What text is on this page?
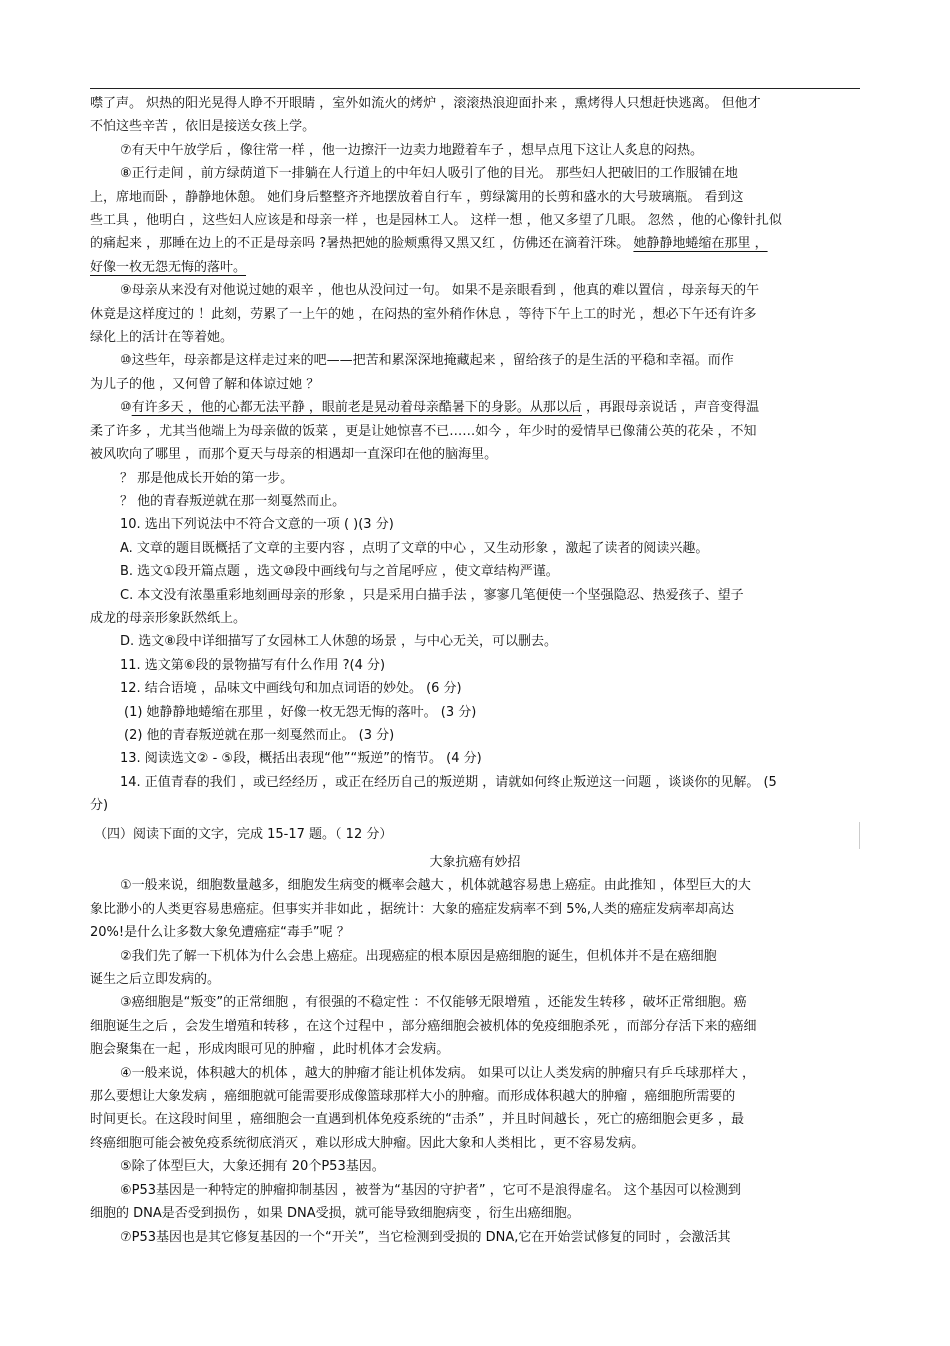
噤了声。 炽热的阳光晃得人睁不开眼睛 ，室外如流火的烤炉 ，滚滚热浪迎面扑来 ，熏烤得人只想赶快逃离。 但他才

不怕这些辛苦 ，依旧是接送女孩上学。

⑦有天中午放学后 ，像往常一样 ，他一边擦汗一边卖力地蹬着车子 ，想早点甩下这让人炙息的闷热。

⑧正行走间 ，前方绿荫道下一排躺在人行道上的中年妇人吸引了他的目光。 那些妇人把破旧的工作服铺在地

上，席地而卧 ，静静地休憩。 她们身后整整齐齐地摆放着自行车 ，剪绿篱用的长剪和盛水的大号玻璃瓶。 看到这

些工具 ，他明白 ，这些妇人应该是和母亲一样 ，也是园林工人。 这样一想 ，他又多望了几眼。 忽然 ，他的心像针扎似

的痛起来 ，那睡在边上的不正是母亲吗 ?暑热把她的脸颊熏得又黑又红 ，仿佛还在滴着汗珠。 她静静地蜷缩在那里 ，

好像一枚无怨无悔的落叶。

⑨母亲从来没有对他说过她的艰辛 ，他也从没问过一句。 如果不是亲眼看到 ，他真的难以置信 ，母亲每天的午

休竟是这样度过的 ！此刻，劳累了一上午的她 ，在闷热的室外稍作休息 ，等待下午上工的时光 ，想必下午还有许多

绿化上的活计在等着她。

⑩这些年，母亲都是这样走过来的吧——把苦和累深深地掩藏起来 ，留给孩子的是生活的平稳和幸福。而作

为儿子的他 ，又何曾了解和体谅过她 ？

⑩有许多天 ，他的心都无法平静 ，眼前老是晃动着母亲酷暑下的身影。从那以后 ，再跟母亲说话 ，声音变得温

柔了许多 ，尤其当他端上为母亲做的饭菜 ，更是让她惊喜不已……如今 ，年少时的爱情早已像蒲公英的花朵 ，不知

被风吹向了哪里 ，而那个夏天与母亲的相遇却一直深印在他的脑海里。

？ 那是他成长开始的第一步。

？ 他的青春叛逆就在那一刻戛然而止。

10. 选出下列说法中不符合文意的一项 ( )(3 分)

A. 文章的题目既概括了文章的主要内容 ，点明了文章的中心 ，又生动形象 ，激起了读者的阅读兴趣。

B. 选文①段开篇点题 ，选文⑩段中画线句与之首尾呼应 ，使文章结构严谨。

C. 本文没有浓墨重彩地刻画母亲的形象 ，只是采用白描手法 ，寥寥几笔便使一个坚强隐忍、热爱孩子、望子

成龙的母亲形象跃然纸上。

D. 选文⑧段中详细描写了女园林工人休憩的场景 ，与中心无关，可以删去。

11. 选文第⑥段的景物描写有什么作用 ?(4 分)

12. 结合语境 ，品味文中画线句和加点词语的妙处。 (6 分)

(1) 她静静地蜷缩在那里 ，好像一枚无怨无悔的落叶。 (3 分)

(2) 他的青春叛逆就在那一刻戛然而止。 (3 分)

13. 阅读选文② - ⑤段，概括出表现“他”“叛逆”的惰节。 (4 分)

14. 正值青春的我们 ，或已经经历 ，或正在经历自己的叛逆期 ，请就如何终止叛逆这一问题 ，谈谈你的见解。 (5

分)

（四）阅读下面的文字，完成 15-17 题。（ 12 分）

大象抗癌有妙招

①一般来说，细胞数量越多，细胞发生病变的概率会越大 ，机体就越容易患上癌症。由此推知 ，体型巨大的大

象比渺小的人类更容易患癌症。但事实并非如此 ，据统计：大象的癌症发病率不到 5%,人类的癌症发病率却高达

20%!是什么让多数大象免遭癌症“毒手”呢 ？

②我们先了解一下机体为什么会患上癌症。出现癌症的根本原因是癌细胞的诞生，但机体并不是在癌细胞

诞生之后立即发病的。

③癌细胞是“叛变”的正常细胞 ，有很强的不稳定性 ：不仅能够无限增殖 ，还能发生转移 ，破坏正常细胞。癌

细胞诞生之后 ，会发生增殖和转移 ，在这个过程中 ，部分癌细胞会被机体的免疫细胞杀死 ，而部分存活下来的癌细

胞会聚集在一起 ，形成肉眼可见的肿瘤 ，此时机体才会发病。

④一般来说，体积越大的机体 ，越大的肿瘤才能让机体发病。 如果可以让人类发病的肿瘤只有乒乓球那样大 ，

那么要想让大象发病 ，癌细胞就可能需要形成像篮球那样大小的肿瘤。而形成体积越大的肿瘤 ，癌细胞所需要的

时间更长。在这段时间里 ，癌细胞会一直遇到机体免疫系统的“击杀” ，并且时间越长 ，死亡的癌细胞会更多 ，最

终癌细胞可能会被免疫系统彻底消灭 ，难以形成大肿瘤。因此大象和人类相比 ，更不容易发病。

⑤除了体型巨大，大象还拥有 20个P53基因。

⑥P53基因是一种特定的肿瘤抑制基因 ，被誉为“基因的守护者” ，它可不是浪得虚名。 这个基因可以检测到

细胞的 DNA是否受到损伤 ，如果 DNA受损，就可能导致细胞病变 ，衍生出癌细胞。

⑦P53基因也是其它修复基因的一个“开关”，当它检测到受损的 DNA,它在开始尝试修复的同时 ，会激活其
